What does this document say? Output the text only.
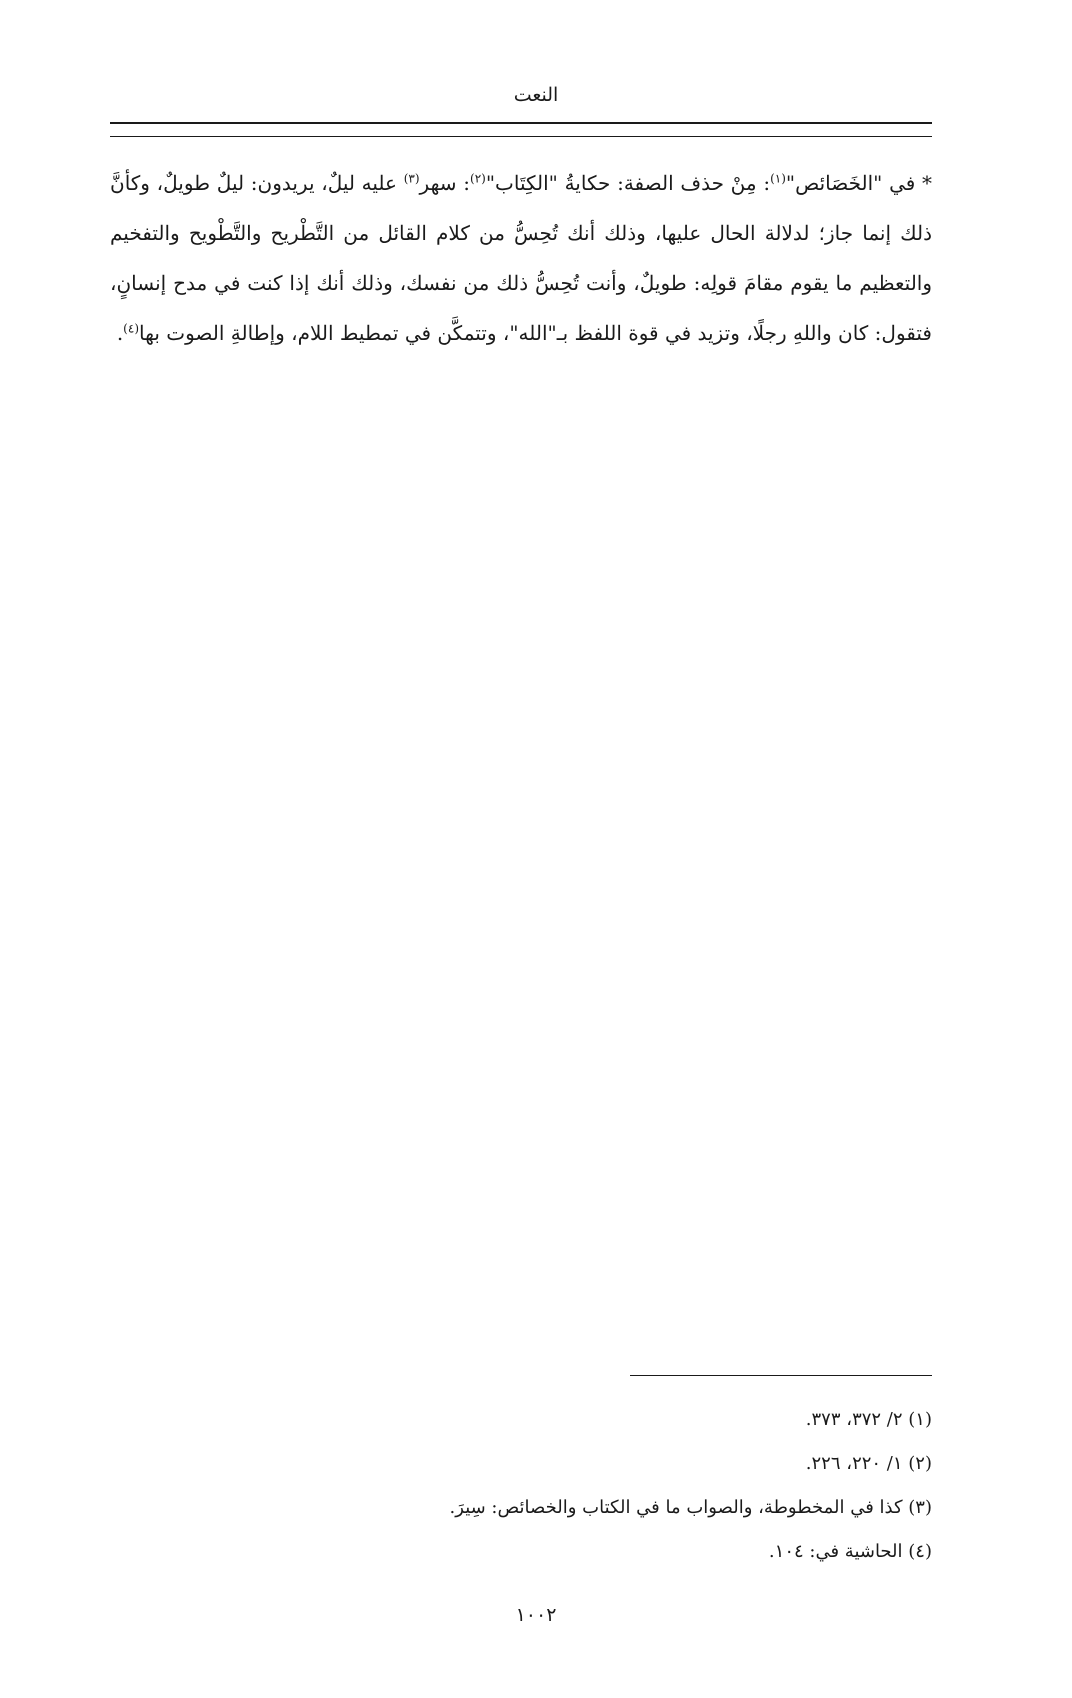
النعت

* في "الخَصَائص"$^{(١)}$: مِنْ حذف الصفة: حكايةُ "الكِتَاب"$^{(٢)}$: سهر$^{(٣)}$ عليه ليلٌ، يريدون: ليلٌ طويلٌ، وكأنَّ ذلك إنما جاز؛ لدلالة الحال عليها، وذلك أنك تُحِسُّ من كلام القائل من التَّطْريح والتَّطْويح والتفخيم والتعظيم ما يقوم مقامَ قولِه: طويلٌ، وأنت تُحِسُّ ذلك من نفسك، وذلك أنك إذا كنت في مدح إنسانٍ، فتقول: كان واللهِ رجلًا، وتزيد في قوة اللفظ بـ"الله"، وتتمكَّن في تمطيط اللام، وإطالةِ الصوت بها$^{(٤)}$.

(١) ٢/ ٣٧٢، ٣٧٣.
(٢) ١/ ٢٢٠، ٢٢٦.
(٣) كذا في المخطوطة، والصواب ما في الكتاب والخصائص: سِيرَ.
(٤) الحاشية في: ١٠٤.
١٠٠٢
